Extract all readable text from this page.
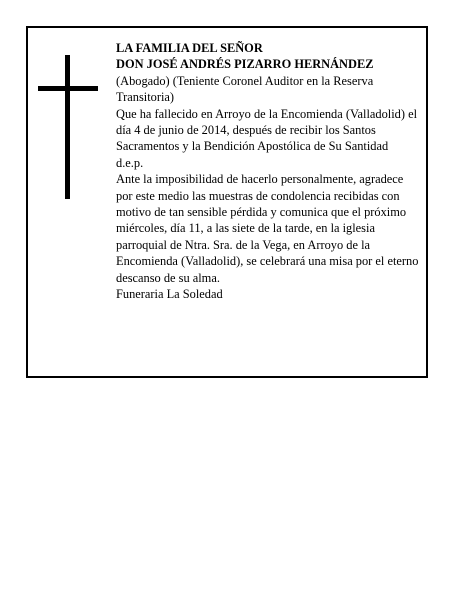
LA FAMILIA DEL SEÑOR

DON JOSÉ ANDRÉS PIZARRO HERNÁNDEZ

(Abogado) (Teniente Coronel Auditor en la Reserva Transitoria)

Que ha fallecido en Arroyo de la Encomienda (Valladolid) el día 4 de junio de 2014, después de recibir los Santos Sacramentos y la Bendición Apostólica de Su Santidad

d.e.p.

Ante la imposibilidad de hacerlo personalmente, agradece por este medio las muestras de condolencia recibidas con motivo de tan sensible pérdida y comunica que el próximo miércoles, día 11, a las siete de la tarde, en la iglesia parroquial de Ntra. Sra. de la Vega, en Arroyo de la Encomienda (Valladolid), se celebrará una misa por el eterno descanso de su alma.

Funeraria La Soledad
